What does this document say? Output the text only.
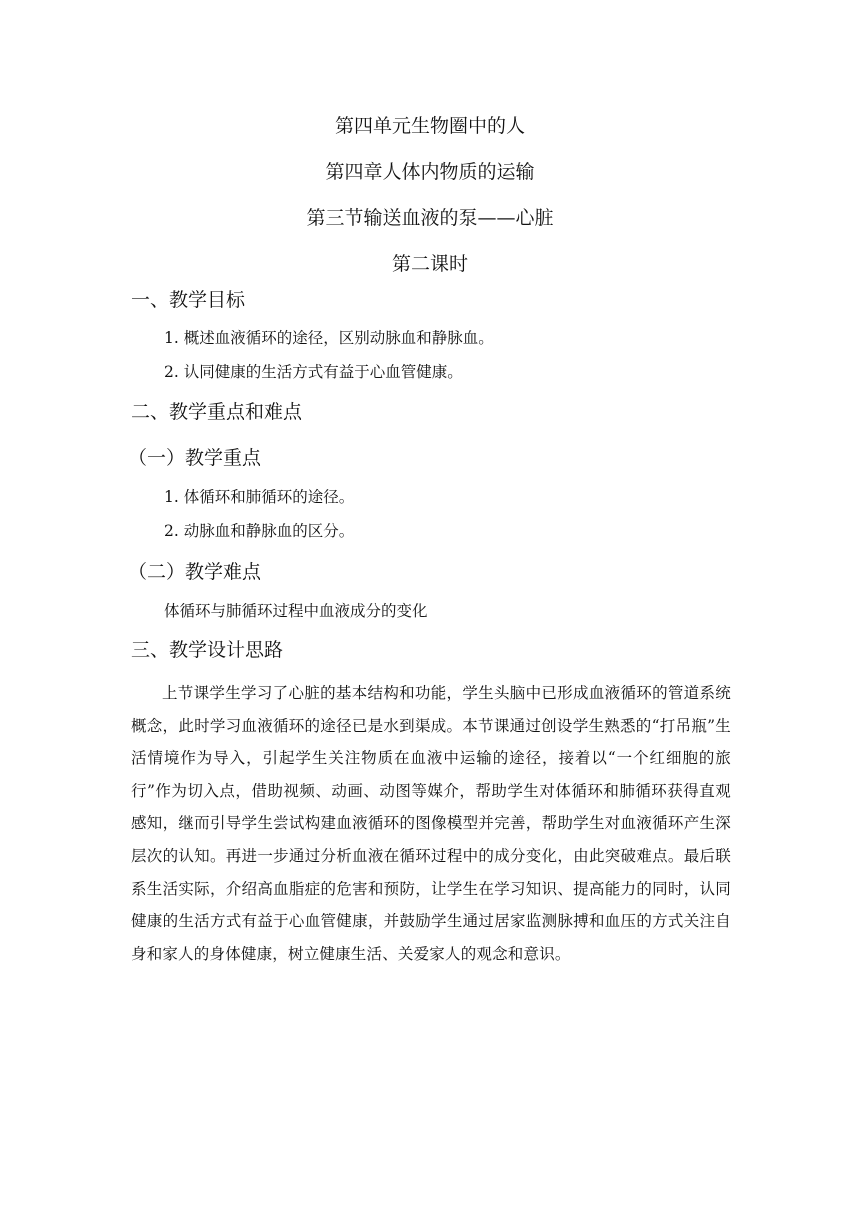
第四单元生物圈中的人
第四章人体内物质的运输
第三节输送血液的泵——心脏
第二课时
一、教学目标
1. 概述血液循环的途径，区别动脉血和静脉血。
2. 认同健康的生活方式有益于心血管健康。
二、教学重点和难点
（一）教学重点
1. 体循环和肺循环的途径。
2. 动脉血和静脉血的区分。
（二）教学难点
体循环与肺循环过程中血液成分的变化
三、教学设计思路
上节课学生学习了心脏的基本结构和功能，学生头脑中已形成血液循环的管道系统概念，此时学习血液循环的途径已是水到渠成。本节课通过创设学生熟悉的“打吊瓶”生活情境作为导入，引起学生关注物质在血液中运输的途径，接着以“一个红细胞的旅行”作为切入点，借助视频、动画、动图等媒介，帮助学生对体循环和肺循环获得直观感知，继而引导学生尝试构建血液循环的图像模型并完善，帮助学生对血液循环产生深层次的认知。再进一步通过分析血液在循环过程中的成分变化，由此突破难点。最后联系生活实际，介绍高血脂症的危害和预防，让学生在学习知识、提高能力的同时，认同健康的生活方式有益于心血管健康，并鼓励学生通过居家监测脉搏和血压的方式关注自身和家人的身体健康，树立健康生活、关爱家人的观念和意识。
